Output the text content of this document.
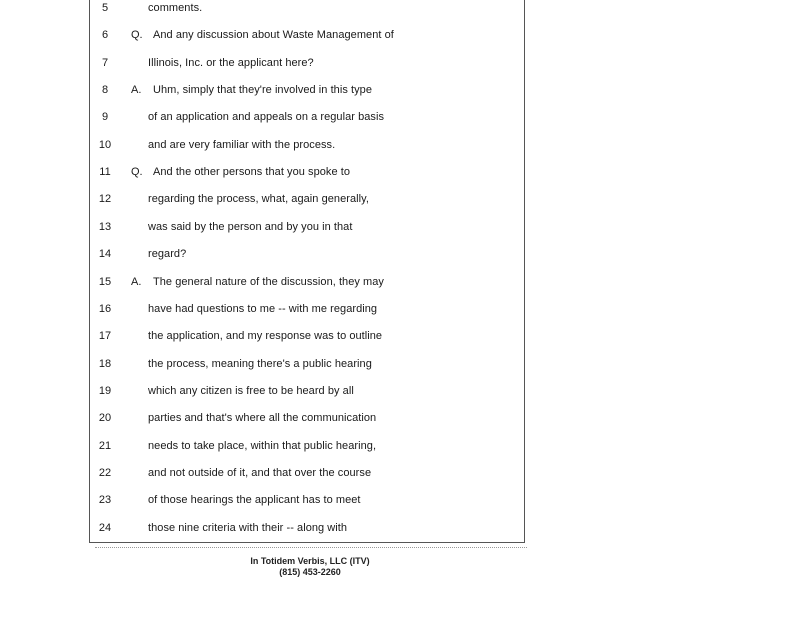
5	comments.
6	Q. And any discussion about Waste Management of
7	Illinois, Inc. or the applicant here?
8	A. Uhm, simply that they're involved in this type
9	of an application and appeals on a regular basis
10	and are very familiar with the process.
11 Q. And the other persons that you spoke to
12	regarding the process, what, again generally,
13	was said by the person and by you in that
14	regard?
15 A. The general nature of the discussion, they may
16	have had questions to me -- with me regarding
17	the application, and my response was to outline
18	the process, meaning there's a public hearing
19	which any citizen is free to be heard by all
20	parties and that's where all the communication
21	needs to take place, within that public hearing,
22	and not outside of it, and that over the course
23	of those hearings the applicant has to meet
24	those nine criteria with their -- along with
In Totidem Verbis, LLC (ITV)
(815) 453-2260
